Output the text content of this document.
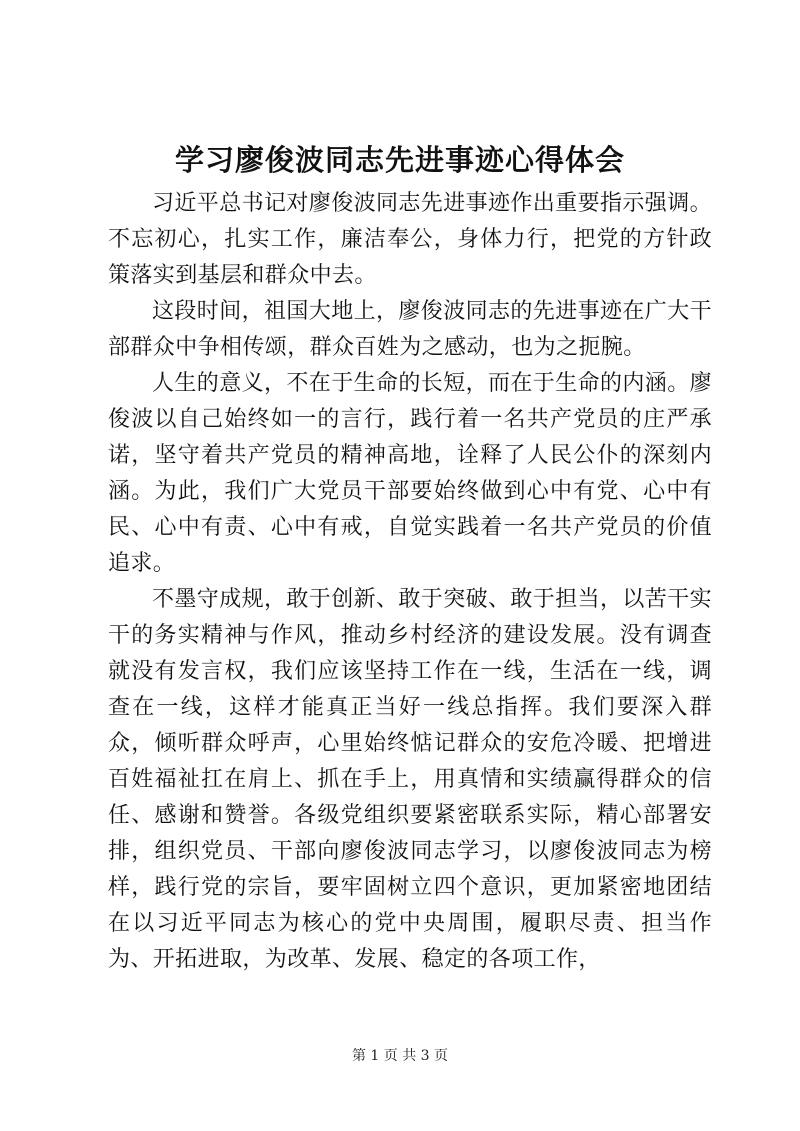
学习廖俊波同志先进事迹心得体会

习近平总书记对廖俊波同志先进事迹作出重要指示强调。不忘初心，扎实工作，廉洁奉公，身体力行，把党的方针政策落实到基层和群众中去。

这段时间，祖国大地上，廖俊波同志的先进事迹在广大干部群众中争相传颂，群众百姓为之感动，也为之扼腕。

人生的意义，不在于生命的长短，而在于生命的内涵。廖俊波以自己始终如一的言行，践行着一名共产党员的庄严承诺，坚守着共产党员的精神高地，诠释了人民公仆的深刻内涵。为此，我们广大党员干部要始终做到心中有党、心中有民、心中有责、心中有戒，自觉实践着一名共产党员的价值追求。

不墨守成规，敢于创新、敢于突破、敢于担当，以苦干实干的务实精神与作风，推动乡村经济的建设发展。没有调查就没有发言权，我们应该坚持工作在一线，生活在一线，调查在一线，这样才能真正当好一线总指挥。我们要深入群众，倾听群众呼声，心里始终惦记群众的安危冷暖、把增进百姓福祉扛在肩上、抓在手上，用真情和实绩赢得群众的信任、感谢和赞誉。各级党组织要紧密联系实际，精心部署安排，组织党员、干部向廖俊波同志学习，以廖俊波同志为榜样，践行党的宗旨，要牢固树立四个意识，更加紧密地团结在以习近平同志为核心的党中央周围，履职尽责、担当作为、开拓进取，为改革、发展、稳定的各项工作，

第 1 页 共 3 页
